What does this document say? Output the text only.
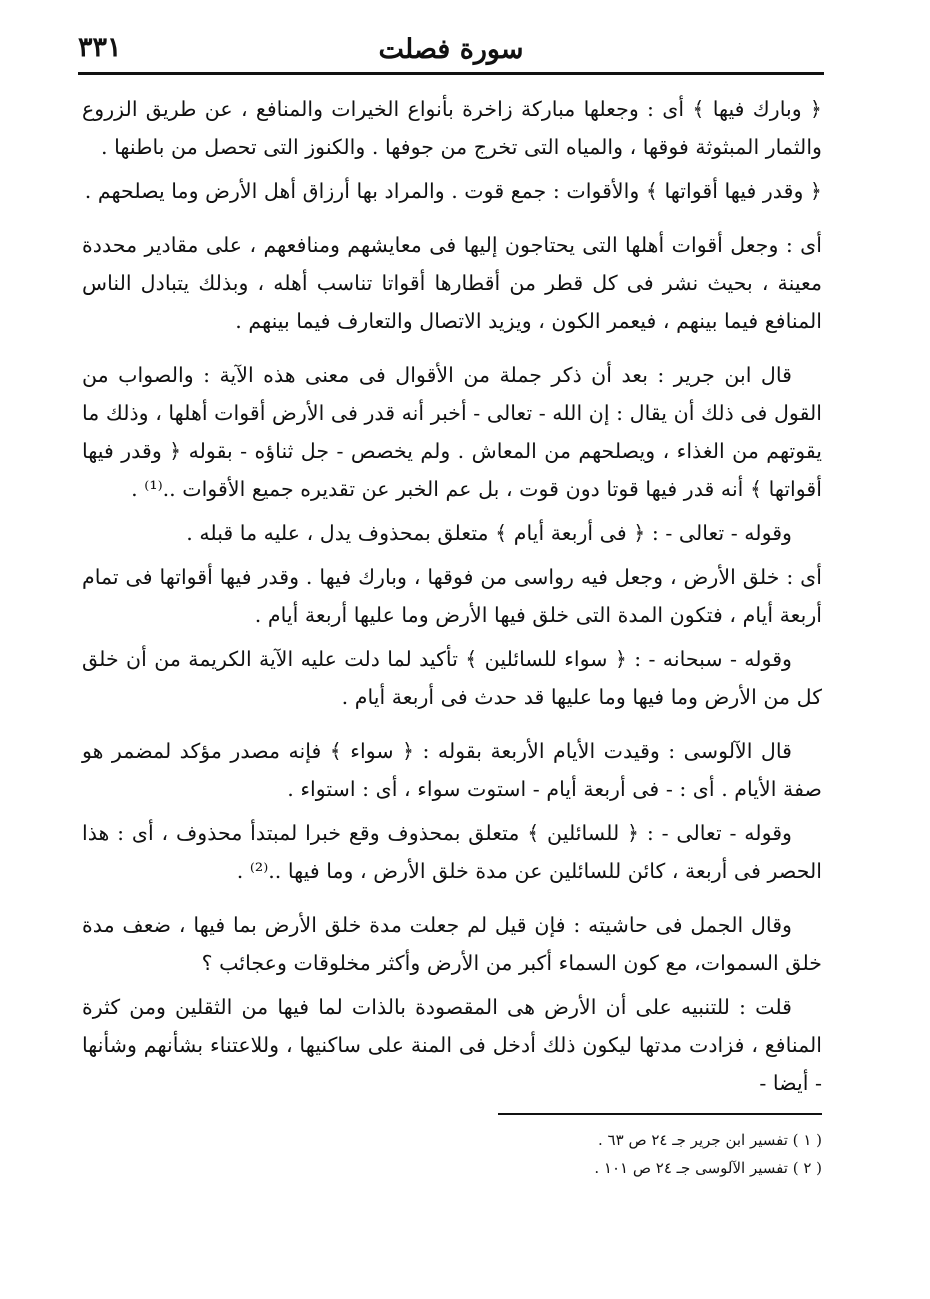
سورة فصلت
٣٣١

﴿ وبارك فيها ﴾ أى : وجعلها مباركة زاخرة بأنواع الخيرات والمنافع ، عن طريق الزروع والثمار المبثوثة فوقها ، والمياه التى تخرج من جوفها . والكنوز التى تحصل من باطنها .

﴿ وقدر فيها أقواتها ﴾ والأقوات : جمع قوت . والمراد بها أرزاق أهل الأرض وما يصلحهم .

أى : وجعل أقوات أهلها التى يحتاجون إليها فى معايشهم ومنافعهم ، على مقادير محددة معينة ، بحيث نشر فى كل قطر من أقطارها أقواتا تناسب أهله ، وبذلك يتبادل الناس المنافع فيما بينهم ، فيعمر الكون ، ويزيد الاتصال والتعارف فيما بينهم .

قال ابن جرير : بعد أن ذكر جملة من الأقوال فى معنى هذه الآية : والصواب من القول فى ذلك أن يقال : إن الله - تعالى - أخبر أنه قدر فى الأرض أقوات أهلها ، وذلك ما يقوتهم من الغذاء ، ويصلحهم من المعاش . ولم يخصص - جل ثناؤه - بقوله ﴿ وقدر فيها أقواتها ﴾ أنه قدر فيها قوتا دون قوت ، بل عم الخبر عن تقديره جميع الأقوات ..⁽¹⁾ .

وقوله - تعالى - : ﴿ فى أربعة أيام ﴾ متعلق بمحذوف يدل ، عليه ما قبله .

أى : خلق الأرض ، وجعل فيه رواسى من فوقها ، وبارك فيها . وقدر فيها أقواتها فى تمام أربعة أيام ، فتكون المدة التى خلق فيها الأرض وما عليها أربعة أيام .

وقوله - سبحانه - : ﴿ سواء للسائلين ﴾ تأكيد لما دلت عليه الآية الكريمة من أن خلق كل من الأرض وما فيها وما عليها قد حدث فى أربعة أيام .

قال الآلوسى : وقيدت الأيام الأربعة بقوله : ﴿ سواء ﴾ فإنه مصدر مؤكد لمضمر هو صفة الأيام . أى : - فى أربعة أيام - استوت سواء ، أى : استواء .

وقوله - تعالى - : ﴿ للسائلين ﴾ متعلق بمحذوف وقع خبرا لمبتدأ محذوف ، أى : هذا الحصر فى أربعة ، كائن للسائلين عن مدة خلق الأرض ، وما فيها ..⁽²⁾ .

وقال الجمل فى حاشيته : فإن قيل لم جعلت مدة خلق الأرض بما فيها ، ضعف مدة خلق السموات، مع كون السماء أكبر من الأرض وأكثر مخلوقات وعجائب ؟

قلت : للتنبيه على أن الأرض هى المقصودة بالذات لما فيها من الثقلين ومن كثرة المنافع ، فزادت مدتها ليكون ذلك أدخل فى المنة على ساكنيها ، وللاعتناء بشأنهم وشأنها - أيضا -

( ١ ) تفسير ابن جرير جـ ٢٤ ص ٦٣ .

( ٢ ) تفسير الآلوسى جـ ٢٤ ص ١٠١ .
